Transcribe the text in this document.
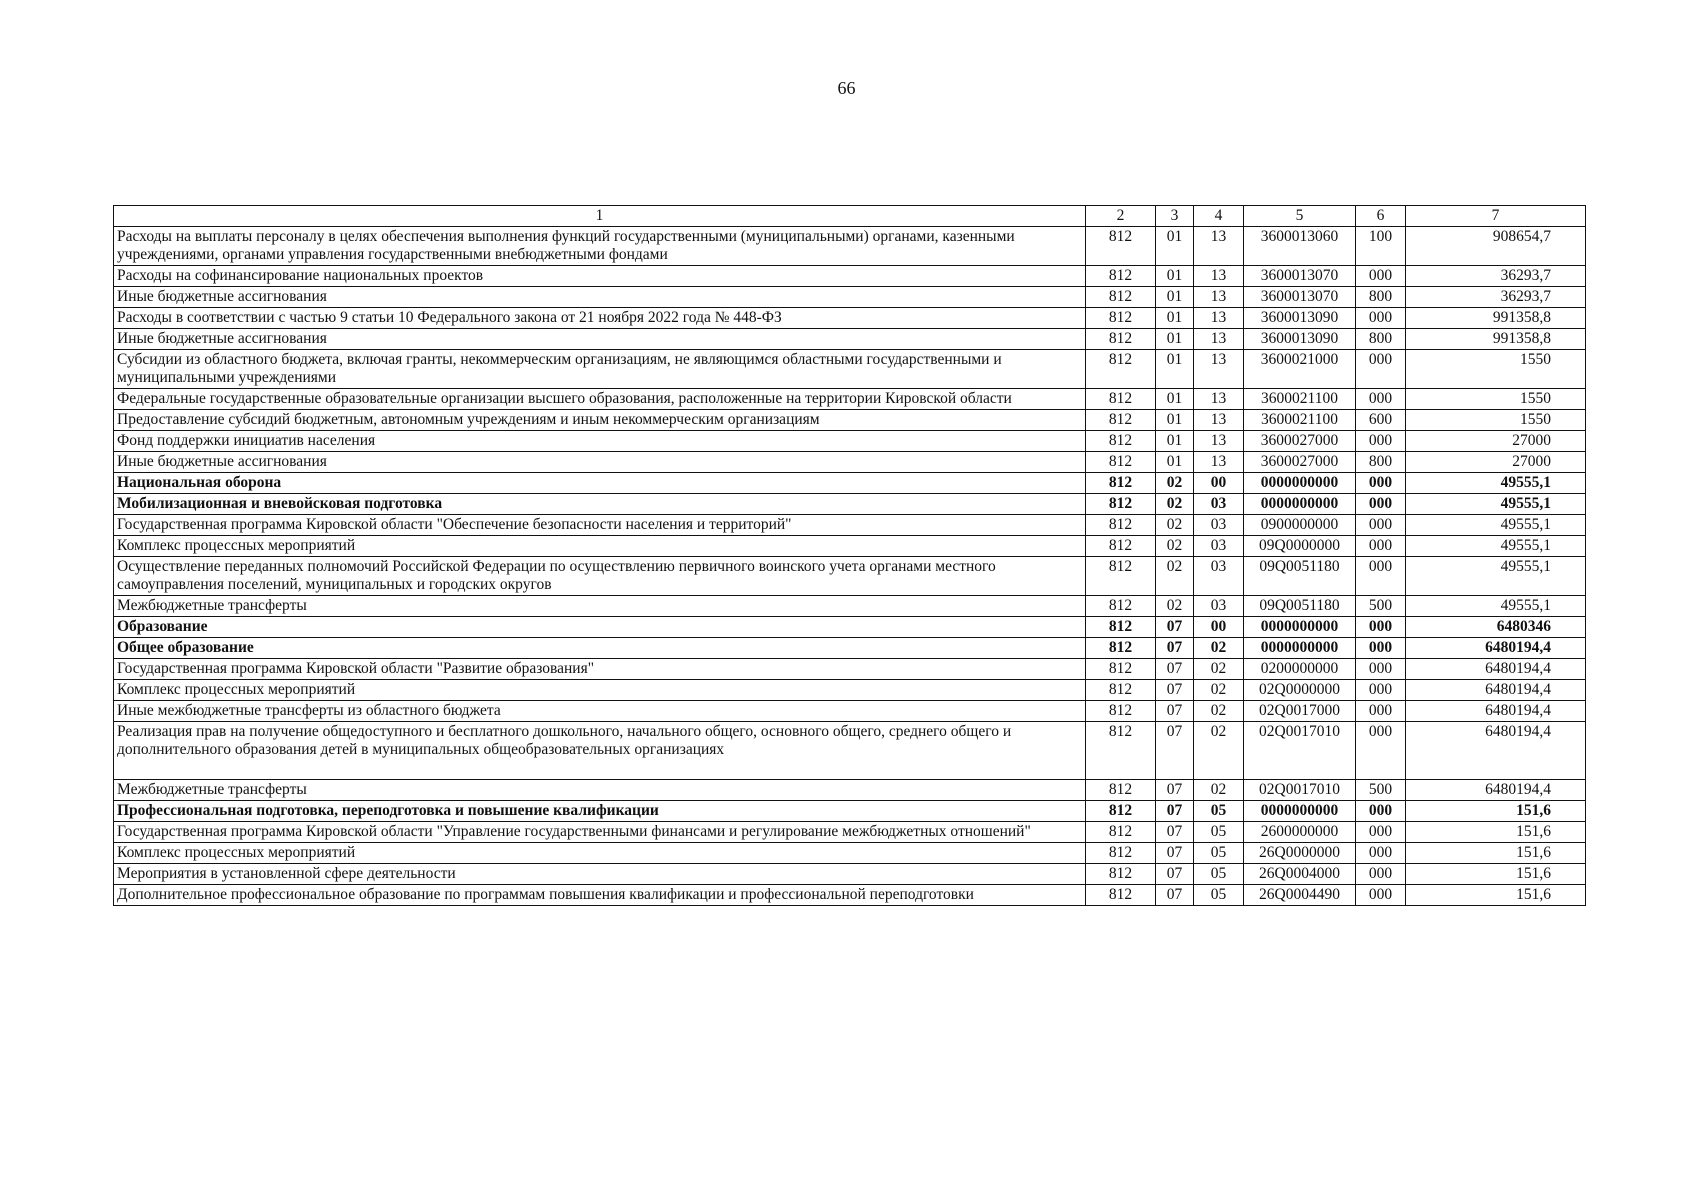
66
1	2	3	4	5	6	7
Расходы на выплаты персоналу в целях обеспечения выполнения функций государственными (муниципальными) органами, казенными учреждениями, органами управления государственными внебюджетными фондами	812	01	13	3600013060	100	908654,7
Расходы на софинансирование национальных проектов	812	01	13	3600013070	000	36293,7
Иные бюджетные ассигнования	812	01	13	3600013070	800	36293,7
Расходы в соответствии с частью 9 статьи 10 Федерального закона от 21 ноября 2022 года № 448-ФЗ	812	01	13	3600013090	000	991358,8
Иные бюджетные ассигнования	812	01	13	3600013090	800	991358,8
Субсидии из областного бюджета, включая гранты, некоммерческим организациям, не являющимся областными государственными и муниципальными учреждениями	812	01	13	3600021000	000	1550
Федеральные государственные образовательные организации высшего образования, расположенные на территории Кировской области	812	01	13	3600021100	000	1550
Предоставление субсидий бюджетным, автономным учреждениям и иным некоммерческим организациям	812	01	13	3600021100	600	1550
Фонд поддержки инициатив населения	812	01	13	3600027000	000	27000
Иные бюджетные ассигнования	812	01	13	3600027000	800	27000
Национальная оборона	812	02	00	0000000000	000	49555,1
Мобилизационная и вневойсковая подготовка	812	02	03	0000000000	000	49555,1
Государственная программа Кировской области "Обеспечение безопасности населения и территорий"	812	02	03	0900000000	000	49555,1
Комплекс процессных мероприятий	812	02	03	09Q0000000	000	49555,1
Осуществление переданных полномочий Российской Федерации по осуществлению первичного воинского учета органами местного самоуправления поселений, муниципальных и городских округов	812	02	03	09Q0051180	000	49555,1
Межбюджетные трансферты	812	02	03	09Q0051180	500	49555,1
Образование	812	07	00	0000000000	000	6480346
Общее образование	812	07	02	0000000000	000	6480194,4
Государственная программа Кировской области "Развитие образования"	812	07	02	0200000000	000	6480194,4
Комплекс процессных мероприятий	812	07	02	02Q0000000	000	6480194,4
Иные межбюджетные трансферты из областного бюджета	812	07	02	02Q0017000	000	6480194,4
Реализация прав на получение общедоступного и бесплатного дошкольного, начального общего, основного общего, среднего общего и дополнительного образования детей в муниципальных общеобразовательных организациях	812	07	02	02Q0017010	000	6480194,4
Межбюджетные трансферты	812	07	02	02Q0017010	500	6480194,4
Профессиональная подготовка, переподготовка и повышение квалификации	812	07	05	0000000000	000	151,6
Государственная программа Кировской области "Управление государственными финансами и регулирование межбюджетных отношений"	812	07	05	2600000000	000	151,6
Комплекс процессных мероприятий	812	07	05	26Q0000000	000	151,6
Мероприятия в установленной сфере деятельности	812	07	05	26Q0004000	000	151,6
Дополнительное профессиональное образование по программам повышения квалификации и профессиональной переподготовки	812	07	05	26Q0004490	000	151,6
